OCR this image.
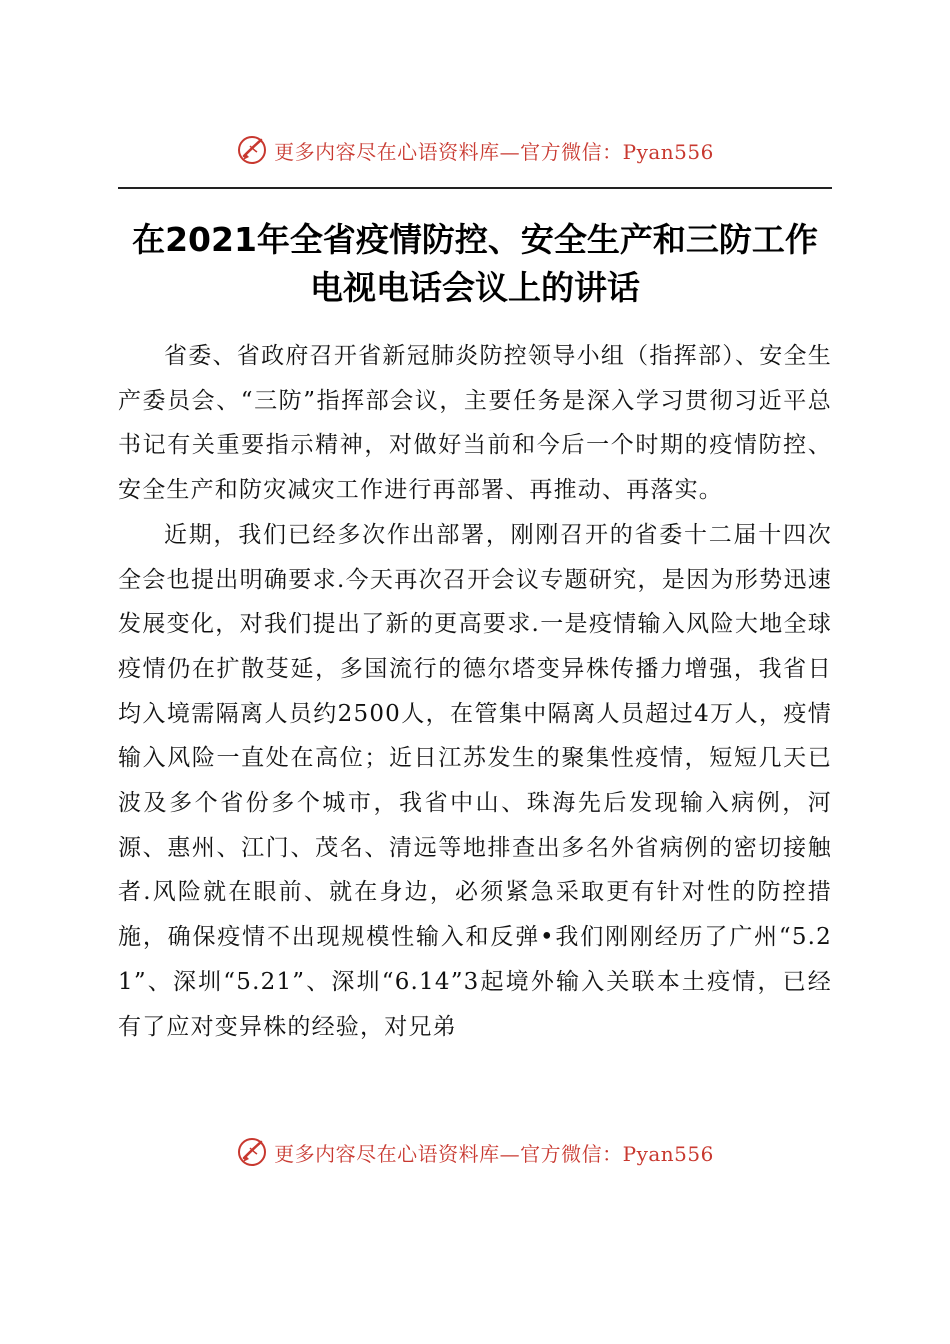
更多内容尽在心语资料库—官方微信：Pyan556
在2021年全省疫情防控、安全生产和三防工作电视电话会议上的讲话

省委、省政府召开省新冠肺炎防控领导小组（指挥部）、安全生产委员会、“三防”指挥部会议，主要任务是深入学习贯彻习近平总书记有关重要指示精神，对做好当前和今后一个时期的疫情防控、安全生产和防灾减灾工作进行再部署、再推动、再落实。

近期，我们已经多次作出部署，刚刚召开的省委十二届十四次全会也提出明确要求.今天再次召开会议专题研究，是因为形势迅速发展变化，对我们提出了新的更高要求.一是疫情输入风险大地全球疫情仍在扩散芟延，多国流行的德尔塔变异株传播力增强，我省日均入境需隔离人员约2500人，在管集中隔离人员超过4万人，疫情输入风险一直处在高位；近日江苏发生的聚集性疫情，短短几天已波及多个省份多个城市，我省中山、珠海先后发现输入病例，河源、惠州、江门、茂名、清远等地排查出多名外省病例的密切接触者.风险就在眼前、就在身边，必须紧急采取更有针对性的防控措施，确保疫情不出现规模性输入和反弹•我们刚刚经历了广州“5.21”、深圳“5.21”、深圳“6.14”3起境外输入关联本土疫情，已经有了应对变异株的经验，对兄弟

更多内容尽在心语资料库—官方微信：Pyan556
